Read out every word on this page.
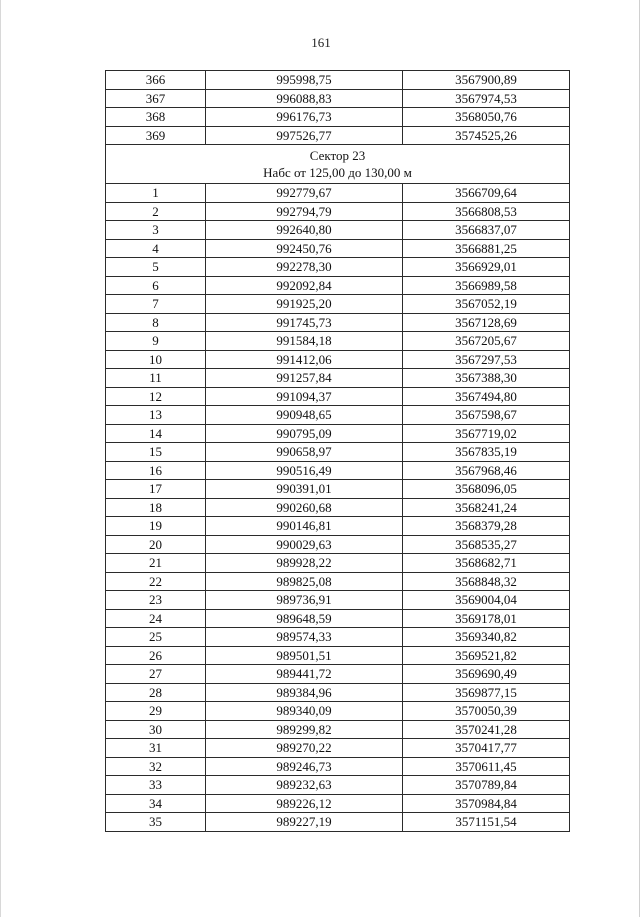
161
366	995998,75	3567900,89
367	996088,83	3567974,53
368	996176,73	3568050,76
369	997526,77	3574525,26

Сектор 23
Набс от 125,00 до 130,00 м		

1	992779,67	3566709,64
2	992794,79	3566808,53
3	992640,80	3566837,07
4	992450,76	3566881,25
5	992278,30	3566929,01
6	992092,84	3566989,58
7	991925,20	3567052,19
8	991745,73	3567128,69
9	991584,18	3567205,67
10	991412,06	3567297,53
11	991257,84	3567388,30
12	991094,37	3567494,80
13	990948,65	3567598,67
14	990795,09	3567719,02
15	990658,97	3567835,19
16	990516,49	3567968,46
17	990391,01	3568096,05
18	990260,68	3568241,24
19	990146,81	3568379,28
20	990029,63	3568535,27
21	989928,22	3568682,71
22	989825,08	3568848,32
23	989736,91	3569004,04
24	989648,59	3569178,01
25	989574,33	3569340,82
26	989501,51	3569521,82
27	989441,72	3569690,49
28	989384,96	3569877,15
29	989340,09	3570050,39
30	989299,82	3570241,28
31	989270,22	3570417,77
32	989246,73	3570611,45
33	989232,63	3570789,84
34	989226,12	3570984,84
35	989227,19	3571151,54
